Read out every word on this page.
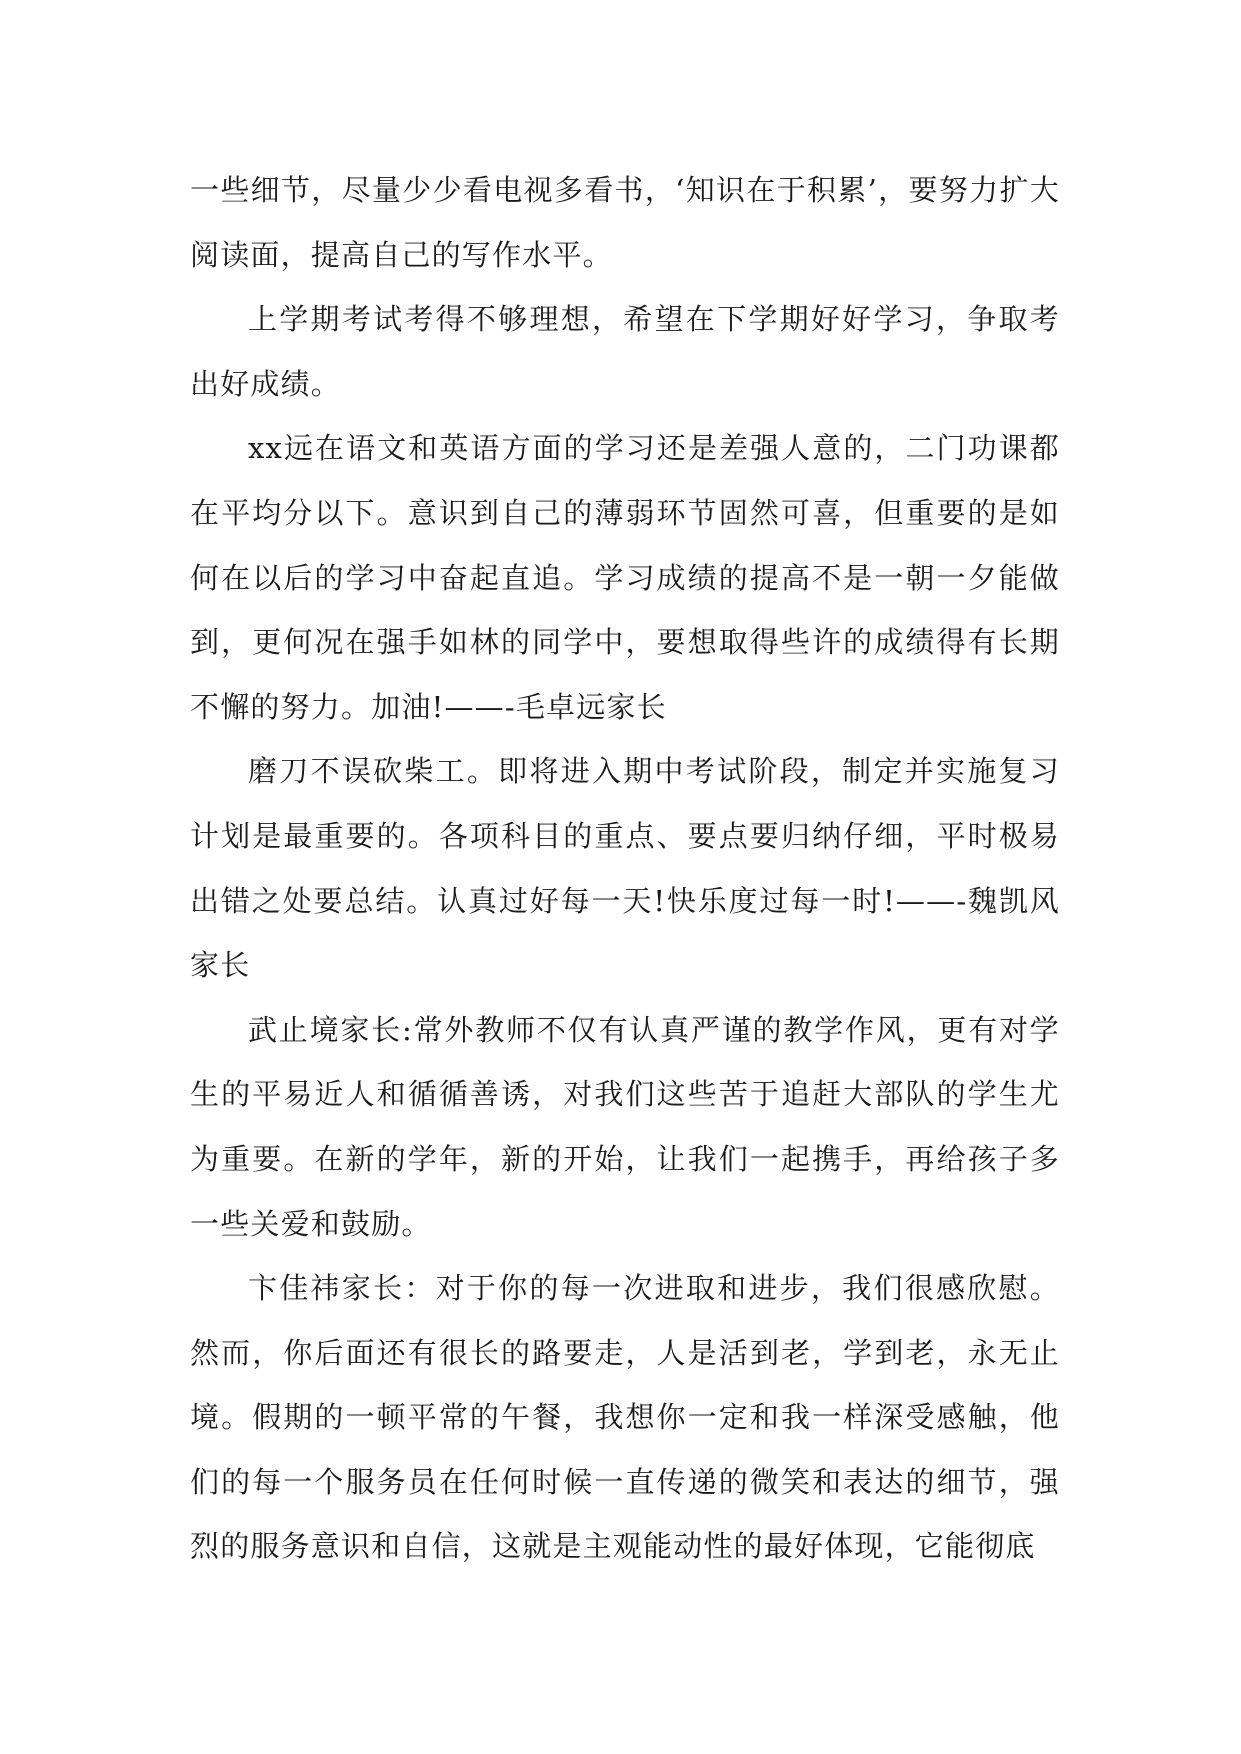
一些细节，尽量少少看电视多看书，‘知识在于积累’，要努力扩大阅读面，提高自己的写作水平。

上学期考试考得不够理想，希望在下学期好好学习，争取考出好成绩。

xx远在语文和英语方面的学习还是差强人意的，二门功课都在平均分以下。意识到自己的薄弱环节固然可喜，但重要的是如何在以后的学习中奋起直追。学习成绩的提高不是一朝一夕能做到，更何况在强手如林的同学中，要想取得些许的成绩得有长期不懈的努力。加油!——-毛卓远家长

磨刀不误砍柴工。即将进入期中考试阶段，制定并实施复习计划是最重要的。各项科目的重点、要点要归纳仔细，平时极易出错之处要总结。认真过好每一天!快乐度过每一时!——-魏凯风家长

武止境家长:常外教师不仅有认真严谨的教学作风，更有对学生的平易近人和循循善诱，对我们这些苦于追赶大部队的学生尤为重要。在新的学年，新的开始，让我们一起携手，再给孩子多一些关爱和鼓励。

卞佳祎家长：对于你的每一次进取和进步，我们很感欣慰。然而，你后面还有很长的路要走，人是活到老，学到老，永无止境。假期的一顿平常的午餐，我想你一定和我一样深受感触，他们的每一个服务员在任何时候一直传递的微笑和表达的细节，强烈的服务意识和自信，这就是主观能动性的最好体现，它能彻底
